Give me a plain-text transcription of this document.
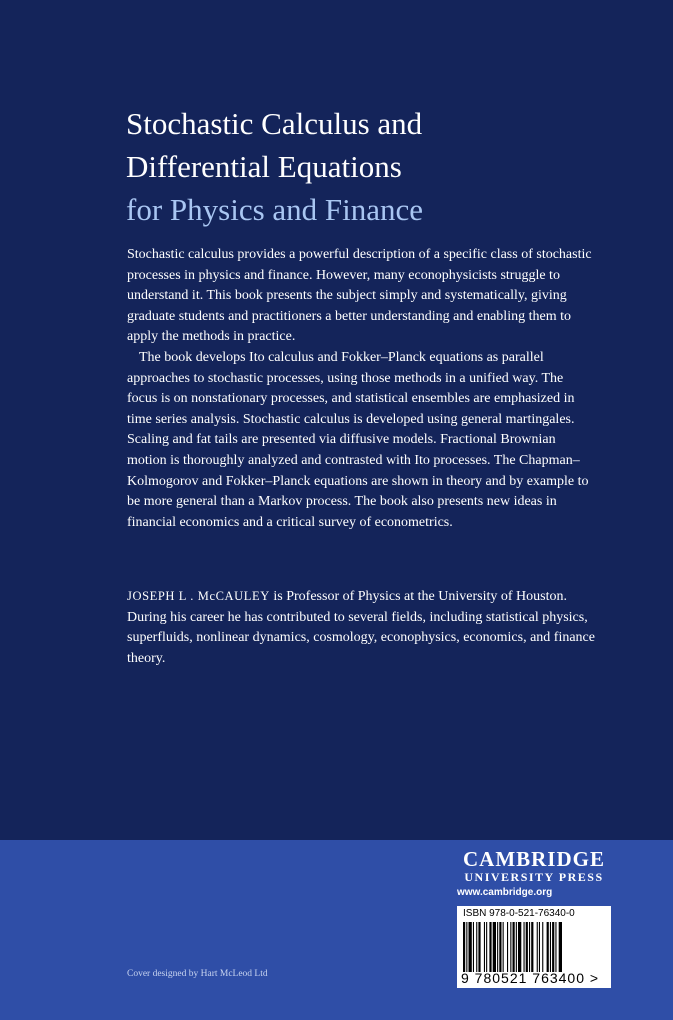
Stochastic Calculus and
Differential Equations
for Physics and Finance

Stochastic calculus provides a powerful description of a specific class of stochastic processes in physics and finance. However, many econophysicists struggle to understand it. This book presents the subject simply and systematically, giving graduate students and practitioners a better understanding and enabling them to apply the methods in practice.

The book develops Ito calculus and Fokker–Planck equations as parallel approaches to stochastic processes, using those methods in a unified way. The focus is on nonstationary processes, and statistical ensembles are emphasized in time series analysis. Stochastic calculus is developed using general martingales. Scaling and fat tails are presented via diffusive models. Fractional Brownian motion is thoroughly analyzed and contrasted with Ito processes. The Chapman–Kolmogorov and Fokker–Planck equations are shown in theory and by example to be more general than a Markov process. The book also presents new ideas in financial economics and a critical survey of econometrics.

JOSEPH L . McCAULEY is Professor of Physics at the University of Houston. During his career he has contributed to several fields, including statistical physics, superfluids, nonlinear dynamics, cosmology, econophysics, economics, and finance theory.

CAMBRIDGE
UNIVERSITY PRESS
www.cambridge.org
ISBN 978-0-521-76340-0
9 780521 763400 >
Cover designed by Hart McLeod Ltd
